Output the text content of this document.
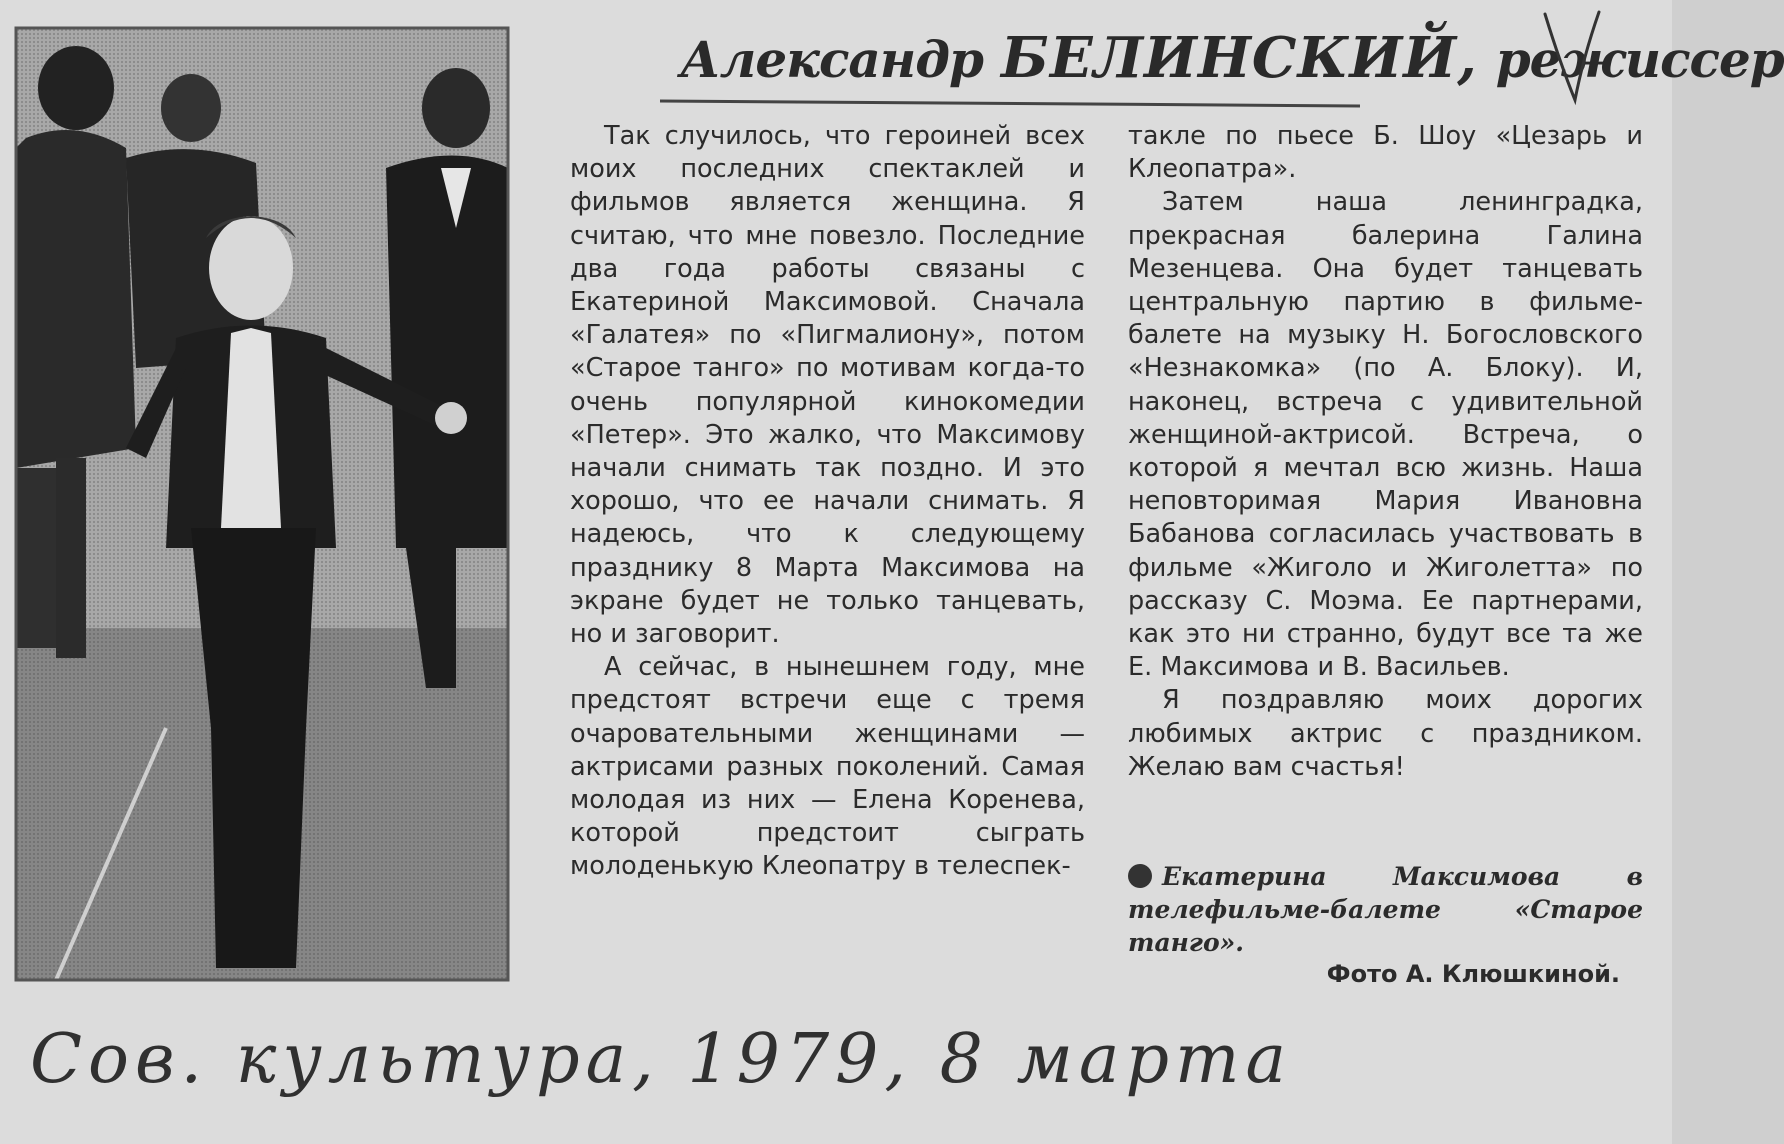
Александр БЕЛИНСКИЙ, режиссер

Так случилось, что героиней всех моих последних спектаклей и фильмов является женщина. Я считаю, что мне повезло. Последние два года работы связаны с Екатериной Максимовой. Сначала «Галатея» по «Пигмалиону», потом «Старое танго» по мотивам когда-то очень популярной кинокомедии «Петер». Это жалко, что Максимову начали снимать так поздно. И это хорошо, что ее начали снимать. Я надеюсь, что к следующему празднику 8 Марта Максимова на экране будет не только танцевать, но и заговорит.

А сейчас, в нынешнем году, мне предстоят встречи еще с тремя очаровательными женщинами — актрисами разных поколений. Самая молодая из них — Елена Коренева, которой предстоит сыграть молоденькую Клеопатру в телеспек-

такле по пьесе Б. Шоу «Цезарь и Клеопатра».

Затем наша ленинградка, прекрасная балерина Галина Мезенцева. Она будет танцевать центральную партию в фильме-балете на музыку Н. Богословского «Незнакомка» (по А. Блоку). И, наконец, встреча с удивительной женщиной-актрисой. Встреча, о которой я мечтал всю жизнь. Наша неповторимая Мария Ивановна Бабанова согласилась участвовать в фильме «Жиголо и Жиголетта» по рассказу С. Моэма. Ее партнерами, как это ни странно, будут все та же Е. Максимова и В. Васильев.

Я поздравляю моих дорогих любимых актрис с праздником. Желаю вам счастья!

Екатерина Максимова в телефильме-балете «Старое танго».
Фото А. Клюшкиной.
Сов. культура, 1979, 8 марта
